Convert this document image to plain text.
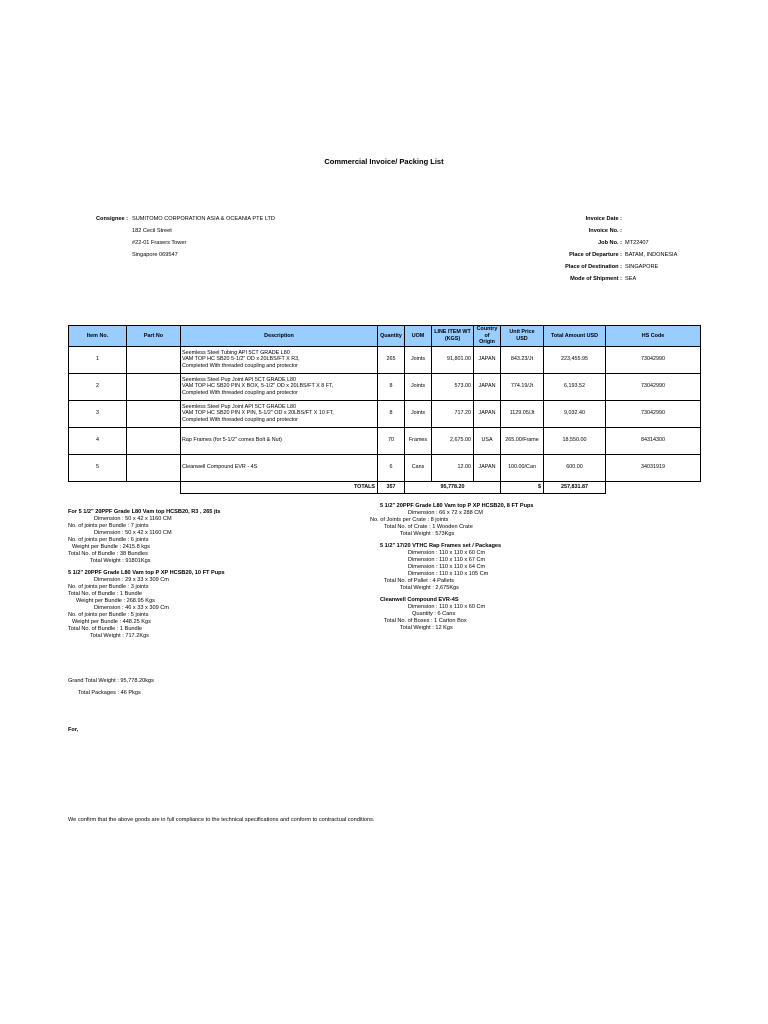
Commercial Invoice/ Packing List
Consignee : SUMITOMO CORPORATION ASIA & OCEANIA PTE LTD
182 Cecil Street
#22-01 Frasers Tower
Singapore 069547
Invoice Date :
Invoice No. :
Job No. : MT22407
Place of Departure : BATAM, INDONESIA
Place of Destination : SINGAPORE
Mode of Shipment : SEA
Item No.	Part No	Description	Quantity	UOM	LINE ITEM WT (KGS)	Country of Origin	Unit Price USD	Total Amount USD	HS Code
1		Seemless Steel Tubing API 5CT GRADE L80
VAM TOP HC SB20 5-1/2" OD x 20LBS/FT X R3,
Completed With threaded coupling and protector	265	Joints	91,801.00	JAPAN	843.23/Jt	223,455.95	73042990
2		Seemless Steel Pup Joint API 5CT GRADE L80
VAM TOP HC SB20 PIN X BOX, 5-1/2" OD x 20LBS/FT X 8 FT,
Completed With threaded coupling and protector	8	Joints	573.00	JAPAN	774.19/Jt	6,193.52	73042990
3		Seemless Steel Pup Joint API 5CT GRADE L80
VAM TOP HC SB20 PIN X PIN, 5-1/2" OD x 20LBS/FT X 10 FT,
Completed With threaded coupling and protector	8	Joints	717.20	JAPAN	1129.05/Jt	9,032.40	73042990
4		Rap Frames (for 5-1/2" comes Bolt & Nut)	70	Frames	2,675.00	USA	265.00/Frame	18,550.00	84314300
5		Cleanwell Compound EVR - 4S	6	Cans	12.00	JAPAN	100.00/Can	600.00	34031919
		TOTALS	357	95,778.20			$	257,831.87	
For 5 1/2" 20PPF Grade L80 Vam top HCSB20, R3 , 265 jts
Dimension : 50 x 42 x 1160 CM
No. of joints per Bundle : 7 joints
Dimension : 50 x 42 x 1160 CM
No. of joints per Bundle : 6 joints
Weight per Bundle : 2415.8 kgs
Total No. of Bundle : 38 Bundles
Total Weight : 91801Kgs
5 1/2" 20PPF Grade L80 Vam top P XP HCSB20, 10 FT Pups
Dimension : 29 x 33 x 309 Cm
No. of joints per Bundle : 3 joints
Total No. of Bundle : 1 Bundle
Weight per Bundle : 268.95 Kgs
Dimension : 46 x 33 x 309 Cm
No. of joints per Bundle : 5 joints
Weight per Bundle : 448.25 Kgs
Total No. of Bundle : 1 Bundle
Total Weight : 717.2Kgs
5 1/2" 20PPF Grade L80 Vam top P XP HCSB20, 8 FT Pups
Dimension : 66 x 72 x 288 CM
No. of Joints per Crate : 8 joints
Total No. of Crate : 1 Wooden Crate
Total Weight : 573Kgs
5 1/2" 17/20 VTHC Rap Frames set / Packages
Dimension : 110 x 110 x 60 Cm
Dimension : 110 x 110 x 67 Cm
Dimension : 110 x 110 x 64 Cm
Dimension : 110 x 110 x 105 Cm
Total No. of Pallet : 4 Pallets
Total Weight : 2,675Kgs
Cleanwell Compound EVR-4S
Dimension : 110 x 110 x 60 Cm
Quantity : 6 Cans
Total No. of Boxes : 1 Carton Box
Total Weight : 12 Kgs
Grand Total Weight : 95,778.20kgs
Total Packages : 46 Pkgs
For,
We confirm that the above goods are in full compliance to the technical specifications and conform to contractual conditions.
